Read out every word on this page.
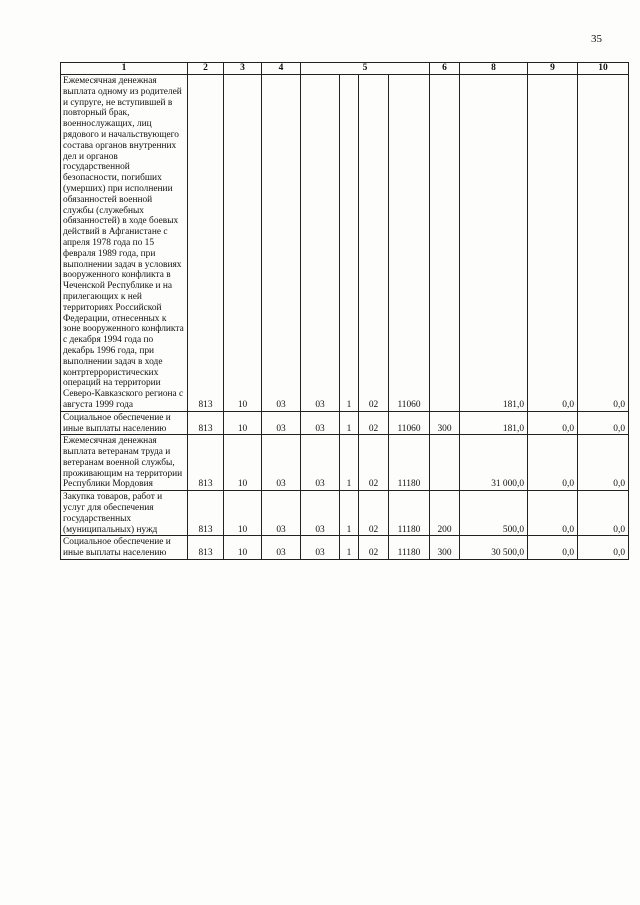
35
1	2	3	4	5				6	8	9	10
Ежемесячная денежная выплата одному из родителей и супруге, не вступившей в повторный брак, военнослужащих, лиц рядового и начальствующего состава органов внутренних дел и органов государственной безопасности, погибших (умерших) при исполнении обязанностей военной службы (служебных обязанностей) в ходе боевых действий в Афганистане с апреля 1978 года по 15 февраля 1989 года, при выполнении задач в условиях вооруженного конфликта в Чеченской Республике и на прилегающих к ней территориях Российской Федерации, отнесенных к зоне вооруженного конфликта с декабря 1994 года по декабрь 1996 года, при выполнении задач в ходе контртеррористических операций на территории Северо-Кавказского региона с августа 1999 года	813	10	03	03	1	02	11060		181,0	0,0	0,0
Социальное обеспечение и иные выплаты населению	813	10	03	03	1	02	11060	300	181,0	0,0	0,0
Ежемесячная денежная выплата ветеранам труда и ветеранам военной службы, проживающим на территории Республики Мордовия	813	10	03	03	1	02	11180		31 000,0	0,0	0,0
Закупка товаров, работ и услуг для обеспечения государственных (муниципальных) нужд	813	10	03	03	1	02	11180	200	500,0	0,0	0,0
Социальное обеспечение и иные выплаты населению	813	10	03	03	1	02	11180	300	30 500,0	0,0	0,0
